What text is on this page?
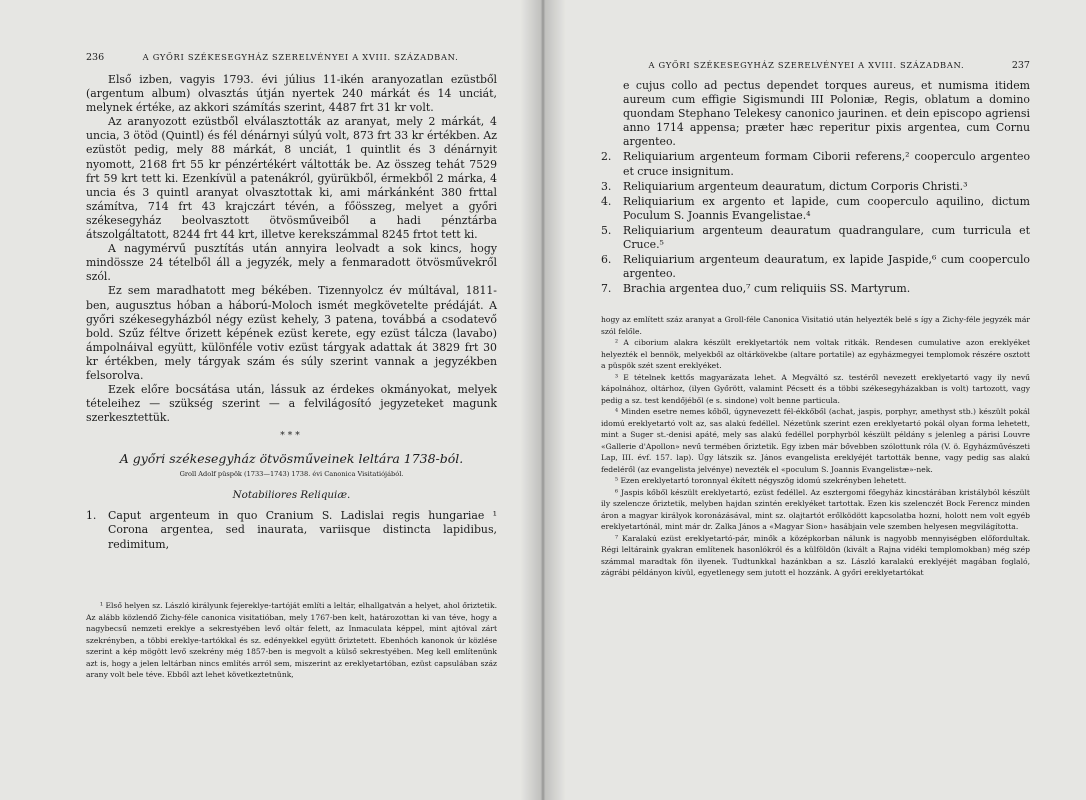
236	A GYŐRI SZÉKESEGYHÁZ SZERELVÉNYEI A XVIII. SZÁZADBAN.

Első izben, vagyis 1793. évi július 11-ikén aranyozatlan ezüstből (argentum album) olvasztás útján nyertek 240 márkát és 14 unciát, melynek értéke, az akkori számítás szerint, 4487 frt 31 kr volt.

Az aranyozott ezüstből elválasztották az aranyat, mely 2 márkát, 4 uncia, 3 ötöd (Quintl) és fél dénárnyi súlyú volt, 873 frt 33 kr értékben. Az ezüstöt pedig, mely 88 márkát, 8 unciát, 1 quintlit és 3 dénárnyit nyomott, 2168 frt 55 kr pénzértékért váltották be. Az összeg tehát 7529 frt 59 krt tett ki. Ezenkívül a patenákról, gyürükből, érmekből 2 márka, 4 uncia és 3 quintl aranyat olvasztottak ki, ami márkánként 380 frttal számítva, 714 frt 43 krajczárt tévén, a főösszeg, melyet a győri székesegyház beolvasztott ötvösműveiből a hadi pénztárba átszolgáltatott, 8244 frt 44 krt, illetve kerekszámmal 8245 frtot tett ki.

A nagymérvű pusztítás után annyira leolvadt a sok kincs, hogy mindössze 24 tételből áll a jegyzék, mely a fenmaradott ötvösművekről szól.

Ez sem maradhatott meg békében. Tizennyolcz év múltával, 1811-ben, augusztus hóban a háború-Moloch ismét megkövetelte prédáját. A győri székesegyházból négy ezüst kehely, 3 patena, továbbá a csodatevő bold. Szűz féltve őrizett képének ezüst kerete, egy ezüst tálcza (lavabo) ámpolnáival együtt, különféle votiv ezüst tárgyak adattak át 3829 frt 30 kr értékben, mely tárgyak szám és súly szerint vannak a jegyzékben felsorolva.

Ezek előre bocsátása után, lássuk az érdekes okmányokat, melyek tételeihez — szükség szerint — a felvilágosító jegyzeteket magunk szerkesztettük.

***
A győri székesegyház ötvösműveinek leltára 1738-ból.
Groll Adolf püspök (1733—1743) 1738. évi Canonica Visitatiójából.
Notabiliores Reliquiæ.
1. Caput argenteum in quo Cranium S. Ladislai regis hungariae ¹ Corona argentea, sed inaurata, variisque distincta lapidibus, redimitum,

¹ Első helyen sz. László királyunk fejereklye-tartóját említi a leltár, elhallgatván a helyet, ahol őriztetik. Az alább közlendő Zichy-féle canonica visitatióban, mely 1767-ben kelt, határozottan ki van téve, hogy a nagybecsű nemzeti ereklye a sekrestyében levő oltár felett, az Inmaculata képpel, mint ajtóval zárt szekrényben, a többi ereklye-tartókkal és sz. edényekkel együtt őriztetett. Ebenhóch kanonok úr közlése szerint a kép mögött levő szekrény még 1857-ben is megvolt a külső sekrestyében. Meg kell említenünk azt is, hogy a jelen leltárban nincs említés arról sem, miszerint az ereklyetartóban, ezüst capsulában száz arany volt bele téve. Ebből azt lehet következtetnünk,

A GYŐRI SZÉKESEGYHÁZ SZERELVÉNYEI A XVIII. SZÁZADBAN.	237
e cujus collo ad pectus dependet torques aureus, et numisma itidem aureum cum effigie Sigismundi III Poloniæ, Regis, oblatum a domino quondam Stephano Telekesy canonico jaurinen. et dein episcopo agriensi anno 1714 appensa; præter hæc reperitur pixis argentea, cum Cornu argenteo.
2. Reliquiarium argenteum formam Ciborii referens,² cooperculo argenteo et cruce insignitum.
3. Reliquiarium argenteum deauratum, dictum Corporis Christi.³
4. Reliquiarium ex argento et lapide, cum cooperculo aquilino, dictum Poculum S. Joannis Evangelistae.⁴
5. Reliquiarium argenteum deauratum quadrangulare, cum turricula et Cruce.⁵
6. Reliquiarium argenteum deauratum, ex lapide Jaspide,⁶ cum cooperculo argenteo.
7. Brachia argentea duo,⁷ cum reliquiis SS. Martyrum.

hogy az említett száz aranyat a Groll-féle Canonica Visitatió után helyezték belé s így a Zichy-féle jegyzék már szól felőle.

² A ciborium alakra készült ereklyetartók nem voltak ritkák. Rendesen cumulative azon ereklyéket helyezték el bennök, melyekből az oltárkövekbe (altare portatile) az egyházmegyei templomok részére osztott a püspök szét szent ereklyéket.

³ E tételnek kettős magyarázata lehet. A Megváltó sz. testéről nevezett ereklyetartó vagy ily nevű kápolnához, oltárhoz, (ilyen Győrött, valamint Pécsett és a többi székesegyházakban is volt) tartozott, vagy pedig a sz. test kendőjéből (e s. sindone) volt benne particula.

⁴ Minden esetre nemes kőből, úgynevezett fél-ékkőből (achat, jaspis, porphyr, amethyst stb.) készült pokál idomú ereklyetartó volt az, sas alakú fedéllel. Nézetünk szerint ezen ereklyetartó pokál olyan forma lehetett, mint a Suger st.-denisi apáté, mely sas alakú fedéllel porphyrból készült példány s jelenleg a párisi Louvre «Gallerie d'Apollon» nevű termében őriztetik. Egy izben már bővebben szólottunk róla (V. ö. Egyházművészeti Lap, III. évf. 157. lap). Úgy látszik sz. János evangelista ereklyéjét tartották benne, vagy pedig sas alakú fedeléről (az evangelista jelvénye) nevezték el «poculum S. Joannis Evangelistæ»-nek.

⁵ Ezen ereklyetartó toronnyal ékített négyszög idomú szekrényben lehetett.

⁶ Jaspis kőből készült ereklyetartó, ezüst fedéllel. Az esztergomi főegyház kincstárában kristályból készült ily szelencze őriztetik, melyben hajdan szintén ereklyéket tartottak. Ezen kis szelenczét Bock Ferencz minden áron a magyar királyok koronázásával, mint sz. olajtartót erőlködött kapcsolatba hozni, holott nem volt egyéb ereklyetartónál, mint már dr. Zalka János a «Magyar Sion» hasábjain vele szemben helyesen megvilágította.

⁷ Karalakú ezüst ereklyetartó-pár, minők a középkorban nálunk is nagyobb mennyiségben előfordultak. Régi leltáraink gyakran említenek hasonlókról és a külföldön (kivált a Rajna vidéki templomokban) még szép számmal maradtak fön ilyenek. Tudtunkkal hazánkban a sz. László karalakú ereklyéjét magában foglaló, zágrábi példányon kívül, egyetlenegy sem jutott el hozzánk. A győri ereklyetartókat
